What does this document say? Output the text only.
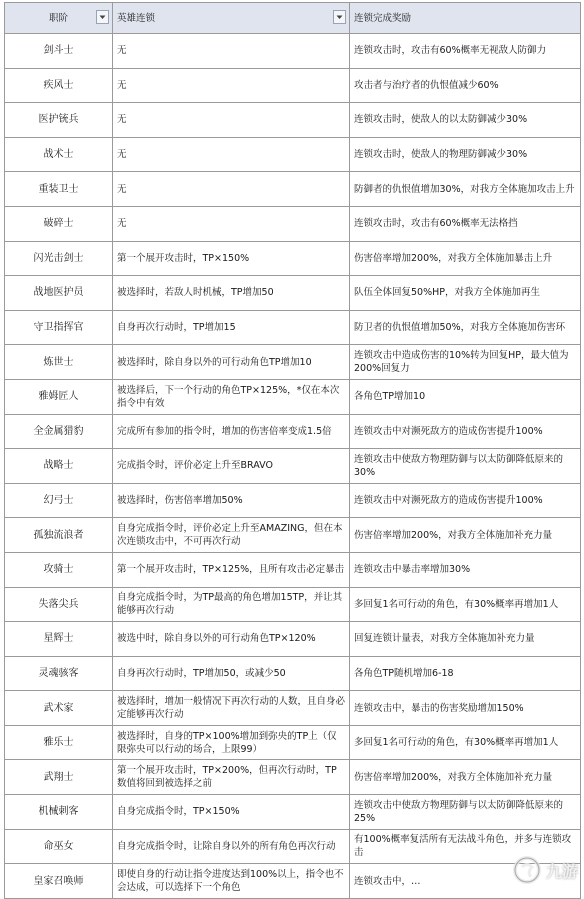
职阶	英雄连锁	连锁完成奖励
剑斗士	无	连锁攻击时，攻击有60%概率无视敌人防御力
疾风士	无	攻击者与治疗者的仇恨值减少60%
医护铳兵	无	连锁攻击时，使敌人的以太防御减少30%
战术士	无	连锁攻击时，使敌人的物理防御减少30%
重装卫士	无	防御者的仇恨值增加30%，对我方全体施加攻击上升
破碎士	无	连锁攻击时，攻击有60%概率无法格挡
闪光击剑士	第一个展开攻击时，TP×150%	伤害倍率增加200%，对我方全体施加暴击上升
战地医护员	被选择时，若敌人时机械，TP增加50	队伍全体回复50%HP，对我方全体施加再生
守卫指挥官	自身再次行动时，TP增加15	防卫者的仇恨值增加50%，对我方全体施加伤害环
炼世士	被选择时，除自身以外的可行动角色TP增加10	连锁攻击中造成伤害的10%转为回复HP，最大值为200%回复力
雅姆匠人	被选择后，下一个行动的角色TP×125%，*仅在本次指令中有效	各角色TP增加10
全金属猎豹	完成所有参加的指令时，增加的伤害倍率变成1.5倍	连锁攻击中对濒死敌方的造成伤害提升100%
战略士	完成指令时，评价必定上升至BRAVO	连锁攻击中使敌方物理防御与以太防御降低原来的30%
幻弓士	被选择时，伤害倍率增加50%	连锁攻击中对濒死敌方的造成伤害提升100%
孤独流浪者	自身完成指令时，评价必定上升至AMAZING，但在本次连锁攻击中，不可再次行动	伤害倍率增加200%，对我方全体施加补充力量
攻骑士	第一个展开攻击时，TP×125%，且所有攻击必定暴击	连锁攻击中暴击率增加30%
失落尖兵	自身完成指令时，为TP最高的角色增加15TP，并让其能够再次行动	多回复1名可行动的角色，有30%概率再增加1人
星辉士	被选中时，除自身以外的可行动角色TP×120%	回复连锁计量表，对我方全体施加补充力量
灵魂骇客	自身再次行动时，TP增加50，或减少50	各角色TP随机增加6-18
武术家	被选择时，增加一般情况下再次行动的人数，且自身必定能够再次行动	连锁攻击中，暴击的伤害奖励增加150%
雅乐士	被选择时，自身的TP×100%增加到弥央的TP上（仅限弥央可以行动的场合，上限99）	多回复1名可行动的角色，有30%概率再增加1人
武翔士	第一个展开攻击时，TP×200%，但再次行动时，TP数值将回到被选择之前	伤害倍率增加200%，对我方全体施加补充力量
机械刺客	自身完成指令时，TP×150%	连锁攻击中使敌方物理防御与以太防御降低原来的25%
命巫女	自身完成指令时，让除自身以外的所有角色再次行动	有100%概率复活所有无法战斗角色，并多与连锁攻击
皇家召唤师	即使自身的行动让指令进度达到100%以上，指令也不会达成，可以选择下一个角色	连锁攻击中，…	九游
